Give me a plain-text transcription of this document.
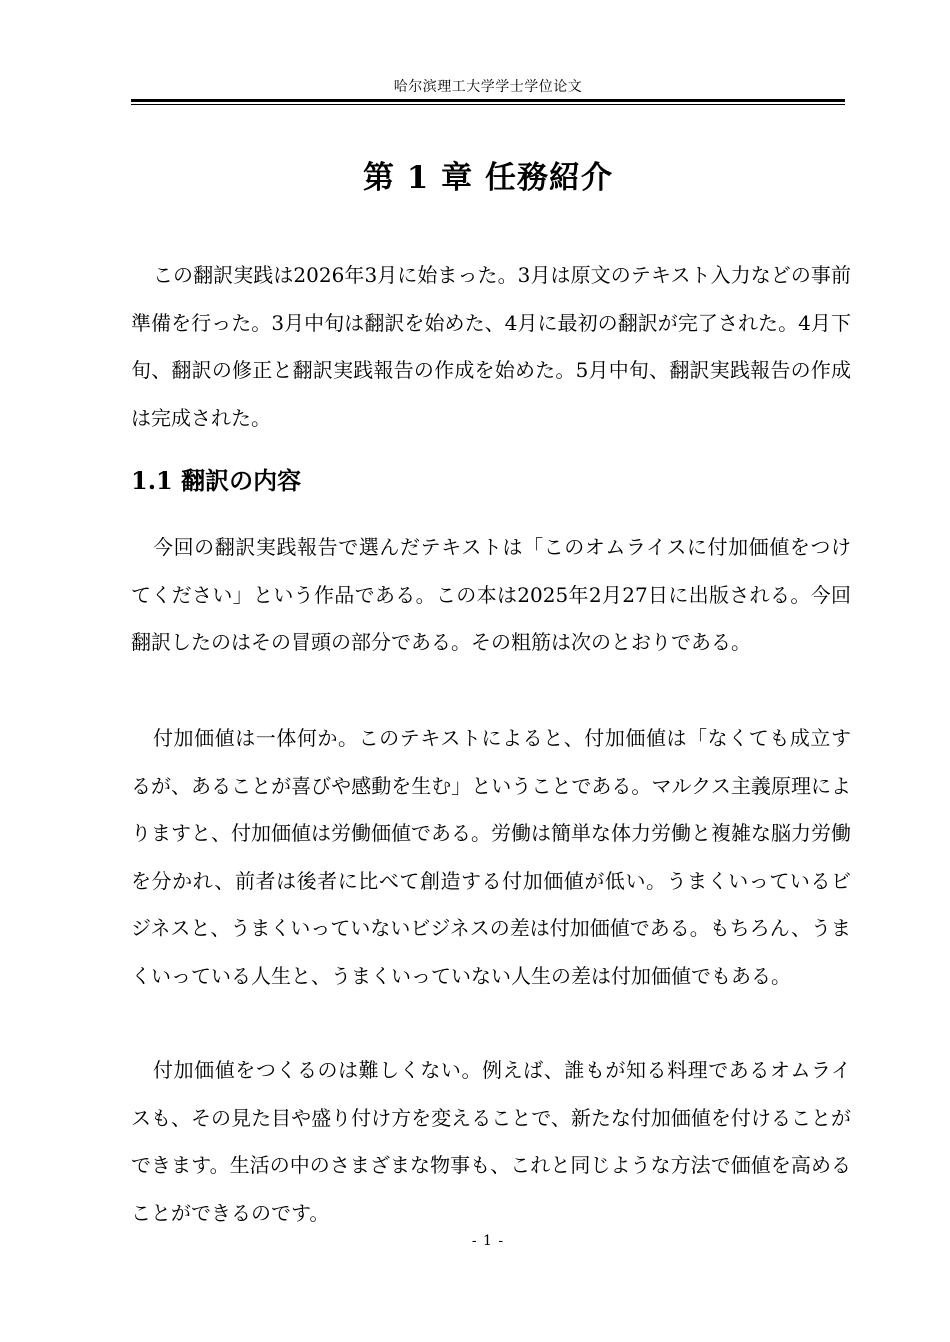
哈尔滨理工大学学士学位论文
第 1 章 任務紹介

この翻訳実践は2026年3月に始まった。3月は原文のテキスト入力などの事前準備を行った。3月中旬は翻訳を始めた、4月に最初の翻訳が完了された。4月下旬、翻訳の修正と翻訳実践報告の作成を始めた。5月中旬、翻訳実践報告の作成は完成された。

1.1 翻訳の内容

今回の翻訳実践報告で選んだテキストは「このオムライスに付加価値をつけてください」という作品である。この本は2025年2月27日に出版される。今回翻訳したのはその冒頭の部分である。その粗筋は次のとおりである。

付加価値は一体何か。このテキストによると、付加価値は「なくても成立するが、あることが喜びや感動を生む」ということである。マルクス主義原理によりますと、付加価値は労働価値である。労働は簡単な体力労働と複雑な脳力労働を分かれ、前者は後者に比べて創造する付加価値が低い。うまくいっているビジネスと、うまくいっていないビジネスの差は付加価値である。もちろん、うまくいっている人生と、うまくいっていない人生の差は付加価値でもある。

付加価値をつくるのは難しくない。例えば、誰もが知る料理であるオムライスも、その見た目や盛り付け方を変えることで、新たな付加価値を付けることができます。生活の中のさまざまな物事も、これと同じような方法で価値を高めることができるのです。

- 1 -
